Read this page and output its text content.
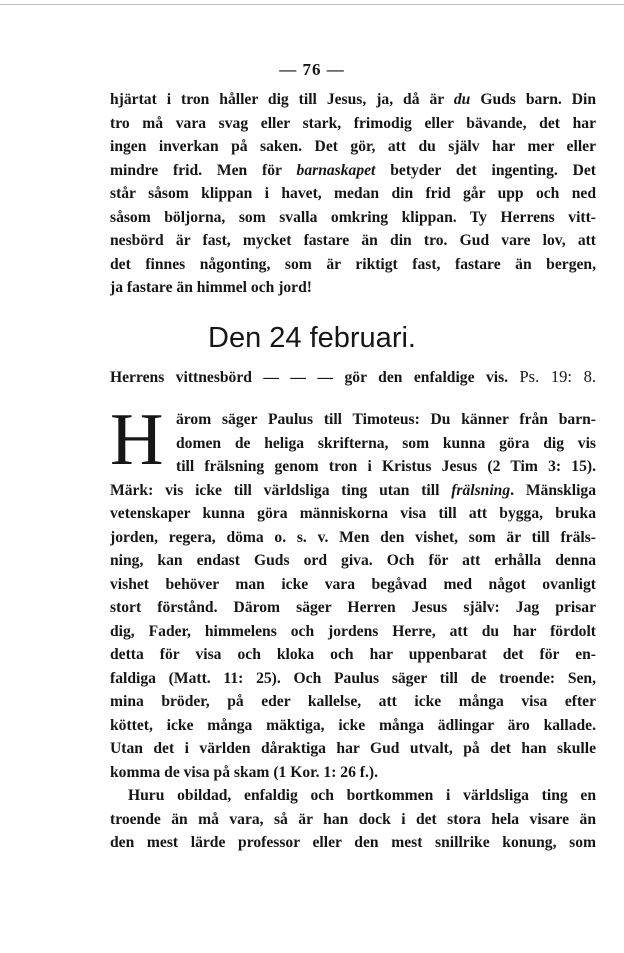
— 76 —
hjärtat i tron håller dig till Jesus, ja, då är du Guds barn. Din
tro må vara svag eller stark, frimodig eller bävande, det har
ingen inverkan på saken. Det gör, att du själv har mer eller
mindre frid. Men för barnaskapet betyder det ingenting. Det
står såsom klippan i havet, medan din frid går upp och ned
såsom böljorna, som svalla omkring klippan. Ty Herrens vitt-
nesbörd är fast, mycket fastare än din tro. Gud vare lov, att
det finnes någonting, som är riktigt fast, fastare än bergen,
ja fastare än himmel och jord!
Den 24 februari.
Herrens vittnesbörd — — — gör den enfaldige vis. Ps. 19: 8.
H ärom säger Paulus till Timoteus: Du känner från barn-
domen de heliga skrifterna, som kunna göra dig vis
till frälsning genom tron i Kristus Jesus (2 Tim 3: 15).
Märk: vis icke till världsliga ting utan till frälsning. Mänskliga
vetenskaper kunna göra människorna visa till att bygga, bruka
jorden, regera, döma o. s. v. Men den vishet, som är till fräls-
ning, kan endast Guds ord giva. Och för att erhålla denna
vishet behöver man icke vara begåvad med något ovanligt
stort förstånd. Därom säger Herren Jesus själv: Jag prisar
dig, Fader, himmelens och jordens Herre, att du har fördolt
detta för visa och kloka och har uppenbarat det för en-
faldiga (Matt. 11: 25). Och Paulus säger till de troende: Sen,
mina bröder, på eder kallelse, att icke många visa efter
köttet, icke många mäktiga, icke många ädlingar äro kallade.
Utan det i världen dåraktiga har Gud utvalt, på det han skulle
komma de visa på skam (1 Kor. 1: 26 f.).
Huru obildad, enfaldig och bortkommen i världsliga ting en
troende än må vara, så är han dock i det stora hela visare än
den mest lärde professor eller den mest snillrike konung, som
